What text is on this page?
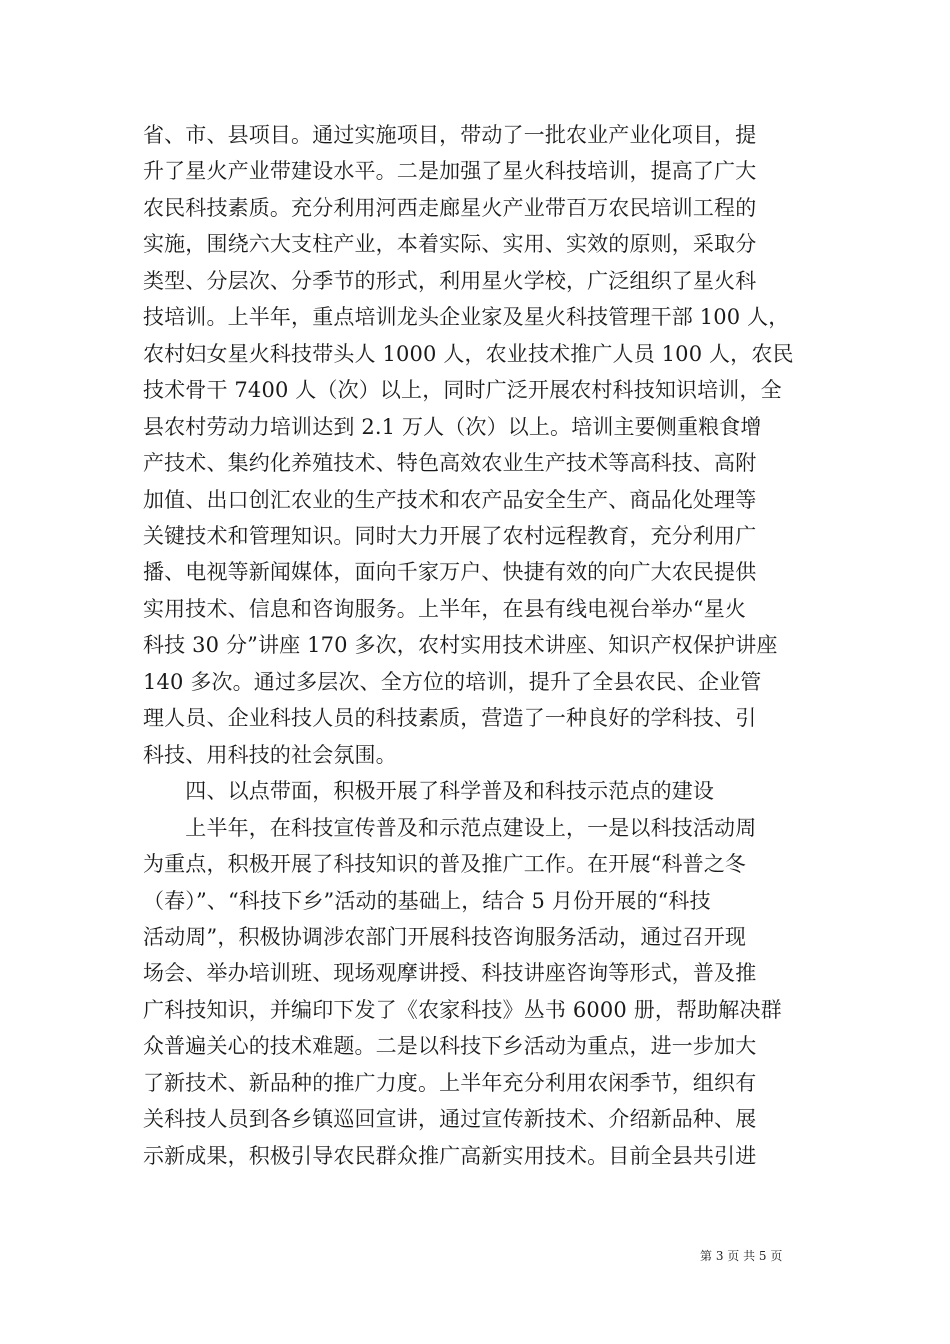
省、市、县项目。通过实施项目，带动了一批农业产业化项目，提
升了星火产业带建设水平。二是加强了星火科技培训，提高了广大
农民科技素质。充分利用河西走廊星火产业带百万农民培训工程的
实施，围绕六大支柱产业，本着实际、实用、实效的原则，采取分
类型、分层次、分季节的形式，利用星火学校，广泛组织了星火科
技培训。上半年，重点培训龙头企业家及星火科技管理干部 100 人，
农村妇女星火科技带头人 1000 人，农业技术推广人员 100 人，农民
技术骨干 7400 人（次）以上，同时广泛开展农村科技知识培训，全
县农村劳动力培训达到 2.1 万人（次）以上。培训主要侧重粮食增
产技术、集约化养殖技术、特色高效农业生产技术等高科技、高附
加值、出口创汇农业的生产技术和农产品安全生产、商品化处理等
关键技术和管理知识。同时大力开展了农村远程教育，充分利用广
播、电视等新闻媒体，面向千家万户、快捷有效的向广大农民提供
实用技术、信息和咨询服务。上半年，在县有线电视台举办“星火
科技 30 分”讲座 170 多次，农村实用技术讲座、知识产权保护讲座
140 多次。通过多层次、全方位的培训，提升了全县农民、企业管
理人员、企业科技人员的科技素质，营造了一种良好的学科技、引
科技、用科技的社会氛围。
　　四、以点带面，积极开展了科学普及和科技示范点的建设
　　上半年，在科技宣传普及和示范点建设上，一是以科技活动周
为重点，积极开展了科技知识的普及推广工作。在开展“科普之冬
（春）”、“科技下乡”活动的基础上，结合 5 月份开展的“科技
活动周”，积极协调涉农部门开展科技咨询服务活动，通过召开现
场会、举办培训班、现场观摩讲授、科技讲座咨询等形式，普及推
广科技知识，并编印下发了《农家科技》丛书 6000 册，帮助解决群
众普遍关心的技术难题。二是以科技下乡活动为重点，进一步加大
了新技术、新品种的推广力度。上半年充分利用农闲季节，组织有
关科技人员到各乡镇巡回宣讲，通过宣传新技术、介绍新品种、展
示新成果，积极引导农民群众推广高新实用技术。目前全县共引进
第 3 页 共 5 页
